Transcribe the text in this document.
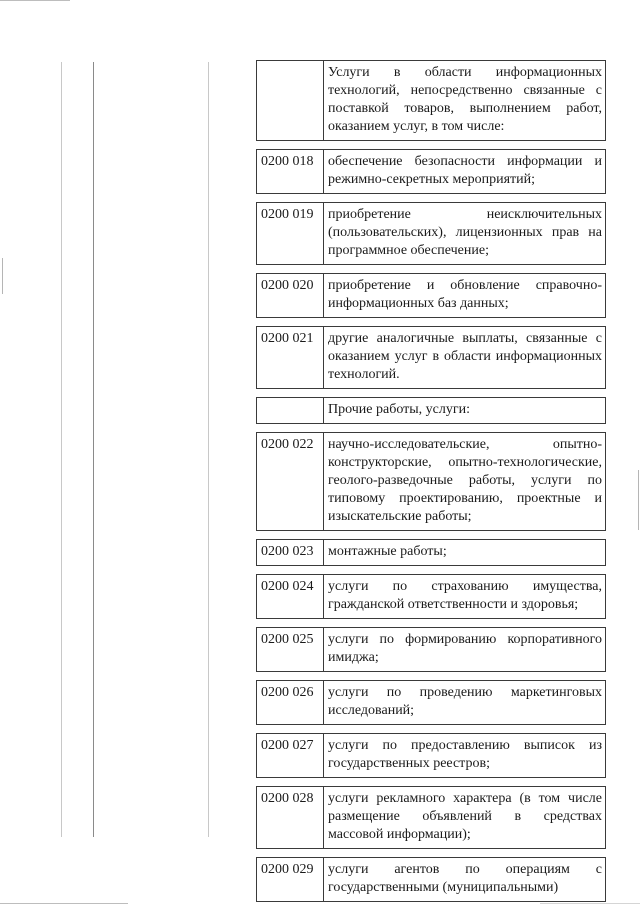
	Услуги в области информационных технологий, непосредственно связанные с поставкой товаров, выполнением работ, оказанием услуг, в том числе:

0200 018	обеспечение безопасности информации и режимно-секретных мероприятий;

0200 019	приобретение неисключительных (пользовательских), лицензионных прав на программное обеспечение;

0200 020	приобретение и обновление справочно-информационных баз данных;

0200 021	другие аналогичные выплаты, связанные с оказанием услуг в области информационных технологий.

	Прочие работы, услуги:

0200 022	научно-исследовательские, опытно-конструкторские, опытно-технологические, геолого-разведочные работы, услуги по типовому проектированию, проектные и изыскательские работы;

0200 023	монтажные работы;

0200 024	услуги по страхованию имущества, гражданской ответственности и здоровья;

0200 025	услуги по формированию корпоративного имиджа;

0200 026	услуги по проведению маркетинговых исследований;

0200 027	услуги по предоставлению выписок из государственных реестров;

0200 028	услуги рекламного характера (в том числе размещение объявлений в средствах массовой информации);

0200 029	услуги агентов по операциям с государственными (муниципальными)
